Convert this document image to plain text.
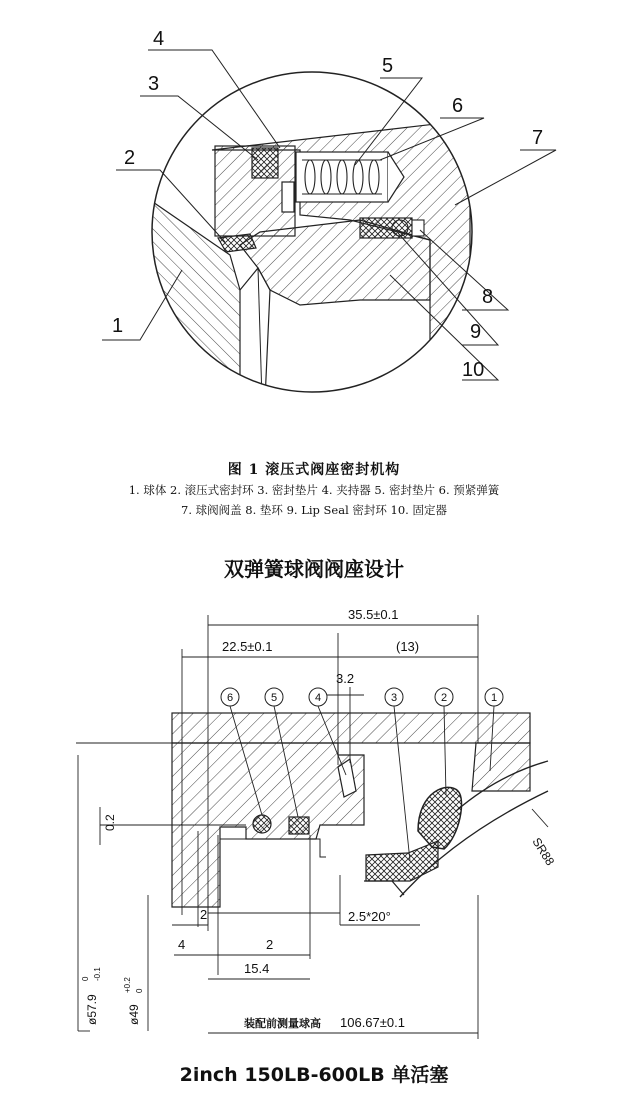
1
2
3
4
5
6
7
8
9
10
图 1 滚压式阀座密封机构
1. 球体 2. 滚压式密封环 3. 密封垫片 4. 夹持器 5. 密封垫片 6. 预紧弹簧
7. 球阀阀盖 8. 垫环 9. Lip Seal 密封环 10. 固定器
双弹簧球阀阀座设计
6	5	4	3	2	1
35.5±0.1
22.5±0.1	(13)
3.2
2
4	2
15.4
2.5*20°
106.67±0.1
装配前测量球高
SR88
0.2
ø57.9
0 -0.1
ø49
+0.2 0
2inch 150LB-600LB 单活塞
